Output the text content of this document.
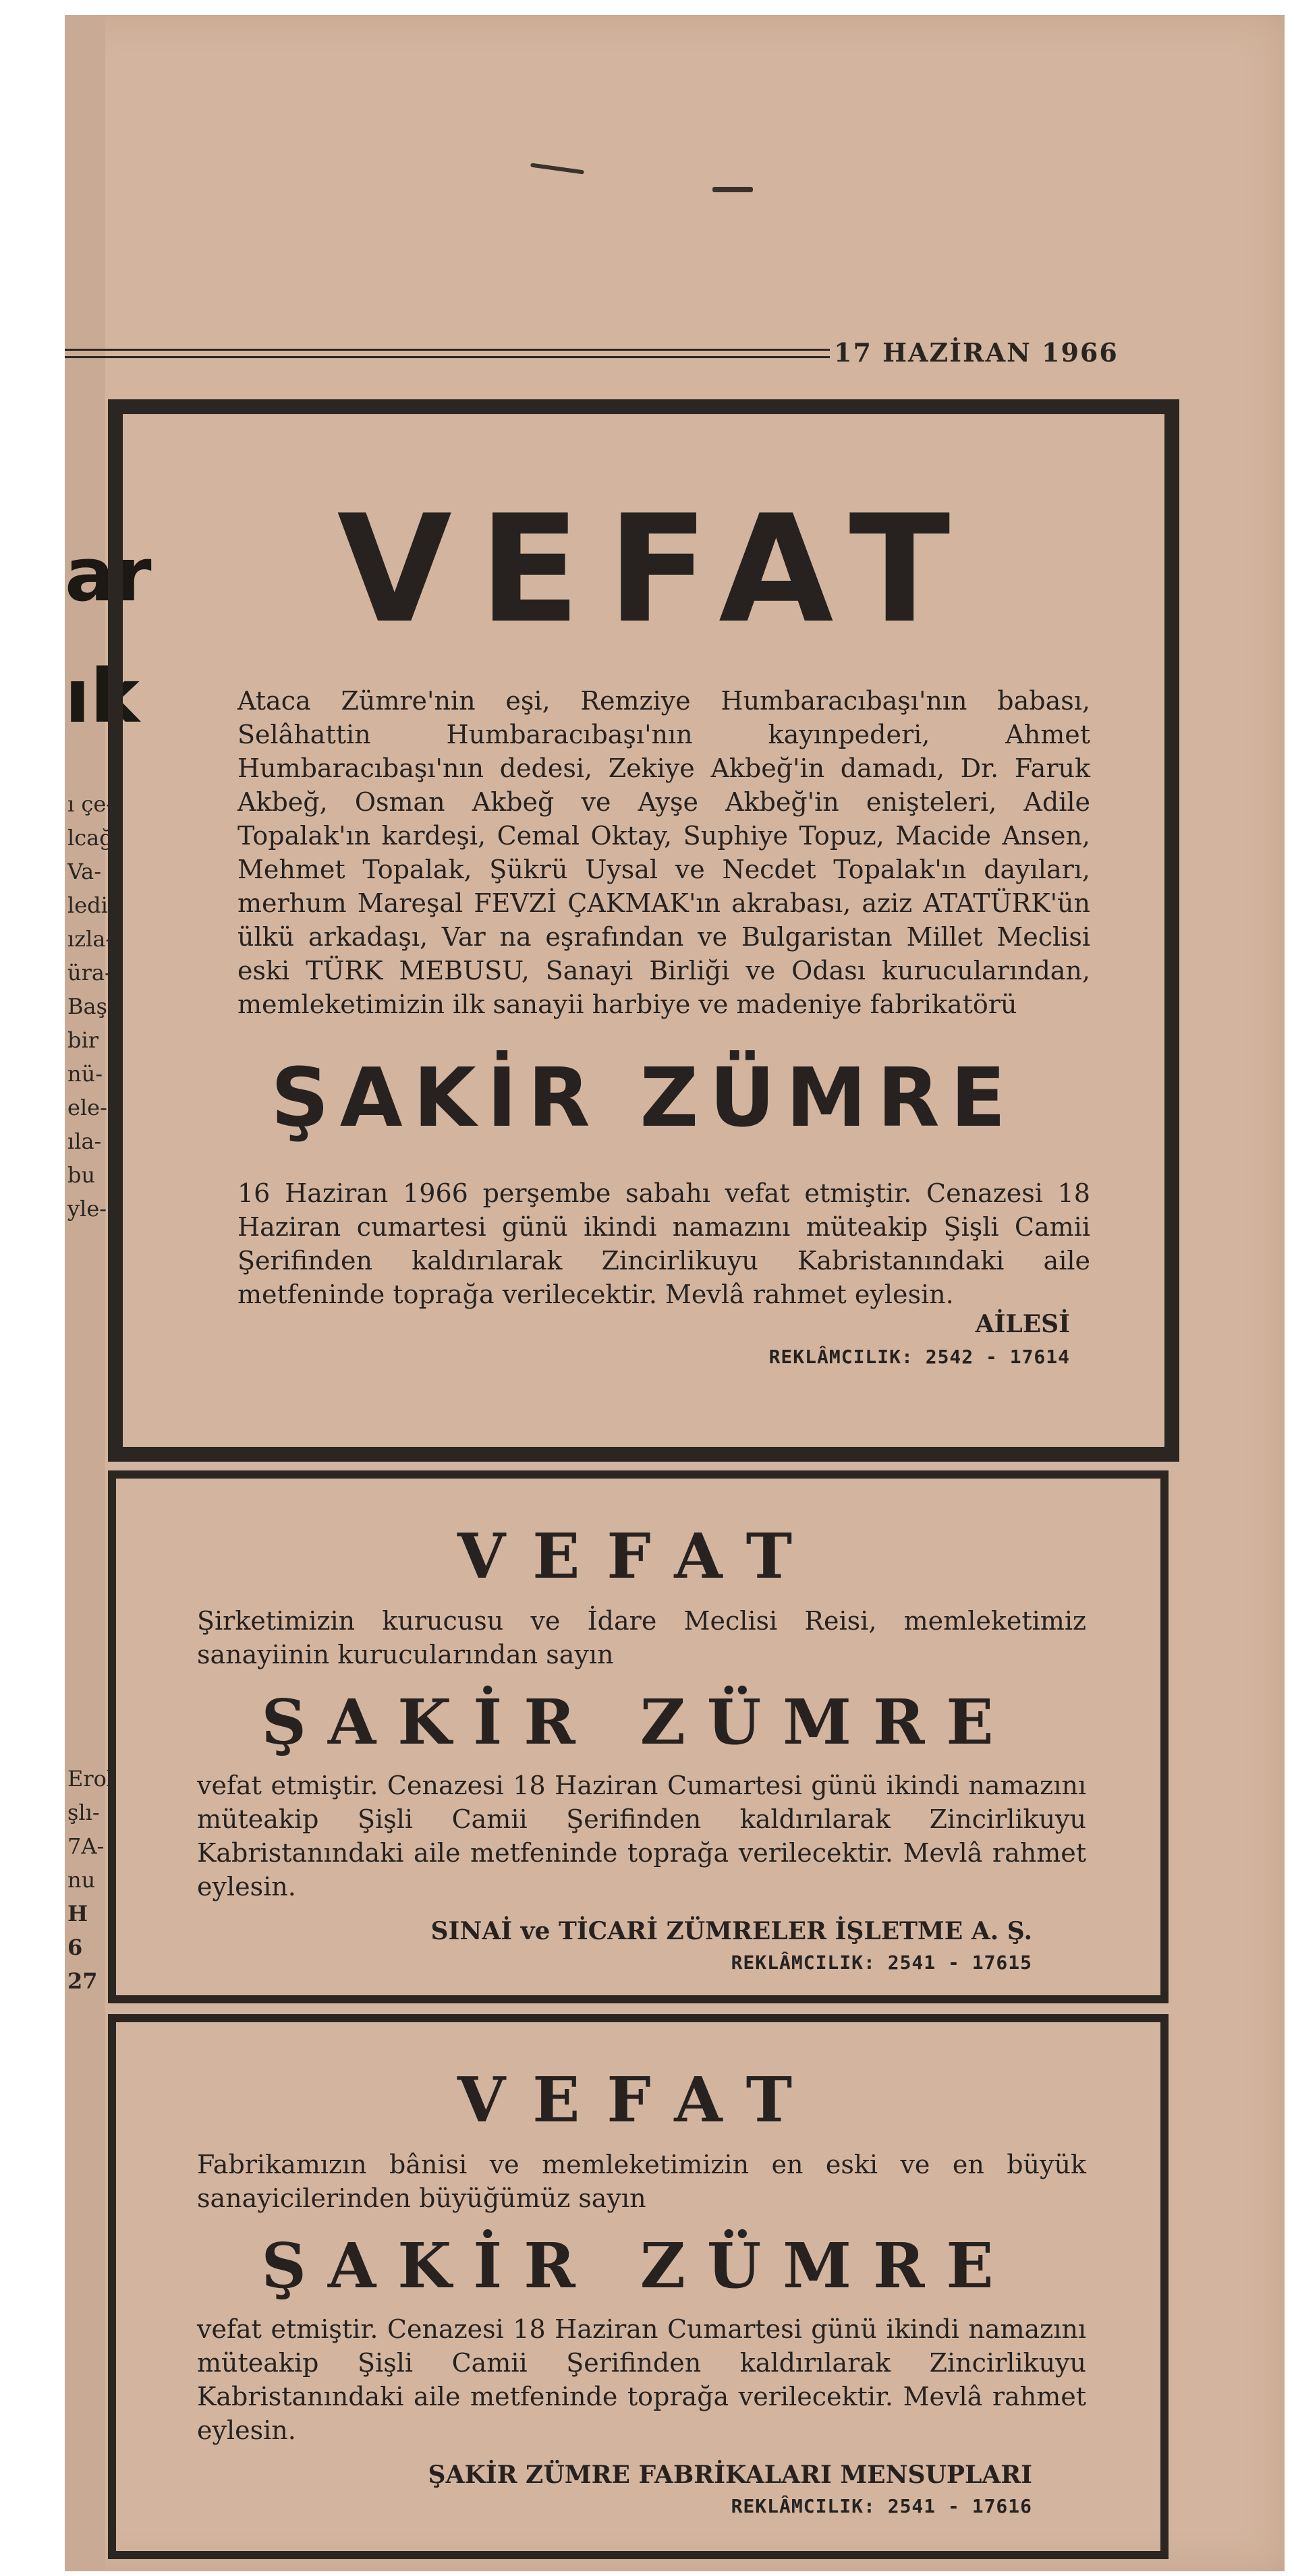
ar
ık
ı çe-
lcağı
Va-
ledi-
ızla-
üra-
Baş-
bir
nü-
ele-
ıla-
bu
yle-
Erol
şlı-
7A-
nu
H
6
27
17 HAZİRAN 1966
VEFAT
Ataca Zümre'nin eşi, Remziye Humbaracıbaşı'nın babası, Selâhattin Humbaracıbaşı'nın kayınpederi, Ahmet Humbaracıbaşı'nın dedesi, Zekiye Akbeğ'in damadı, Dr. Faruk Akbeğ, Osman Akbeğ ve Ayşe Akbeğ'in enişteleri, Adile Topalak'ın kardeşi, Cemal Oktay, Suphiye Topuz, Macide Ansen, Mehmet Topalak, Şükrü Uysal ve Necdet Topalak'ın dayıları, merhum Mareşal FEVZİ ÇAKMAK'ın akrabası, aziz ATATÜRK'ün ülkü arkadaşı, Var na eşrafından ve Bulgaristan Millet Meclisi eski TÜRK MEBUSU, Sanayi Birliği ve Odası kurucularından, memleketimizin ilk sanayii harbiye ve madeniye fabrikatörü
ŞAKİR ZÜMRE
16 Haziran 1966 perşembe sabahı vefat etmiştir. Cenazesi 18 Haziran cumartesi günü ikindi namazını müteakip Şişli Camii Şerifinden kaldırılarak Zincirlikuyu Kabristanındaki aile metfeninde toprağa verilecektir. Mevlâ rahmet eylesin.
AİLESİ
REKLÂMCILIK: 2542 - 17614
VEFAT
Şirketimizin kurucusu ve İdare Meclisi Reisi, memleketimiz sanayiinin kurucularından sayın
ŞAKİR ZÜMRE
vefat etmiştir. Cenazesi 18 Haziran Cumartesi günü ikindi namazını müteakip Şişli Camii Şerifinden kaldırılarak Zincirlikuyu Kabristanındaki aile metfeninde toprağa verilecektir. Mevlâ rahmet eylesin.
SINAİ ve TİCARİ ZÜMRELER İŞLETME A. Ş.
REKLÂMCILIK: 2541 - 17615
VEFAT
Fabrikamızın bânisi ve memleketimizin en eski ve en büyük sanayicilerinden büyüğümüz sayın
ŞAKİR ZÜMRE
vefat etmiştir. Cenazesi 18 Haziran Cumartesi günü ikindi namazını müteakip Şişli Camii Şerifinden kaldırılarak Zincirlikuyu Kabristanındaki aile metfeninde toprağa verilecektir. Mevlâ rahmet eylesin.
ŞAKİR ZÜMRE FABRİKALARI MENSUPLARI
REKLÂMCILIK: 2541 - 17616
